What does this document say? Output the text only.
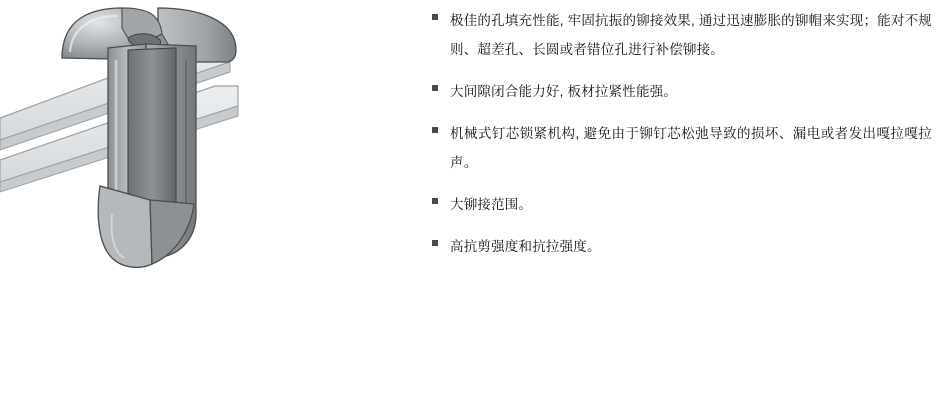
极佳的孔填充性能, 牢固抗振的铆接效果, 通过迅速膨胀的铆帽来实现；能对不规则、超差孔、长圆或者错位孔进行补偿铆接。
大间隙闭合能力好, 板材拉紧性能强。
机械式钉芯锁紧机构, 避免由于铆钉芯松弛导致的损坏、漏电或者发出嘎拉嘎拉声。
大铆接范围。
高抗剪强度和抗拉强度。
